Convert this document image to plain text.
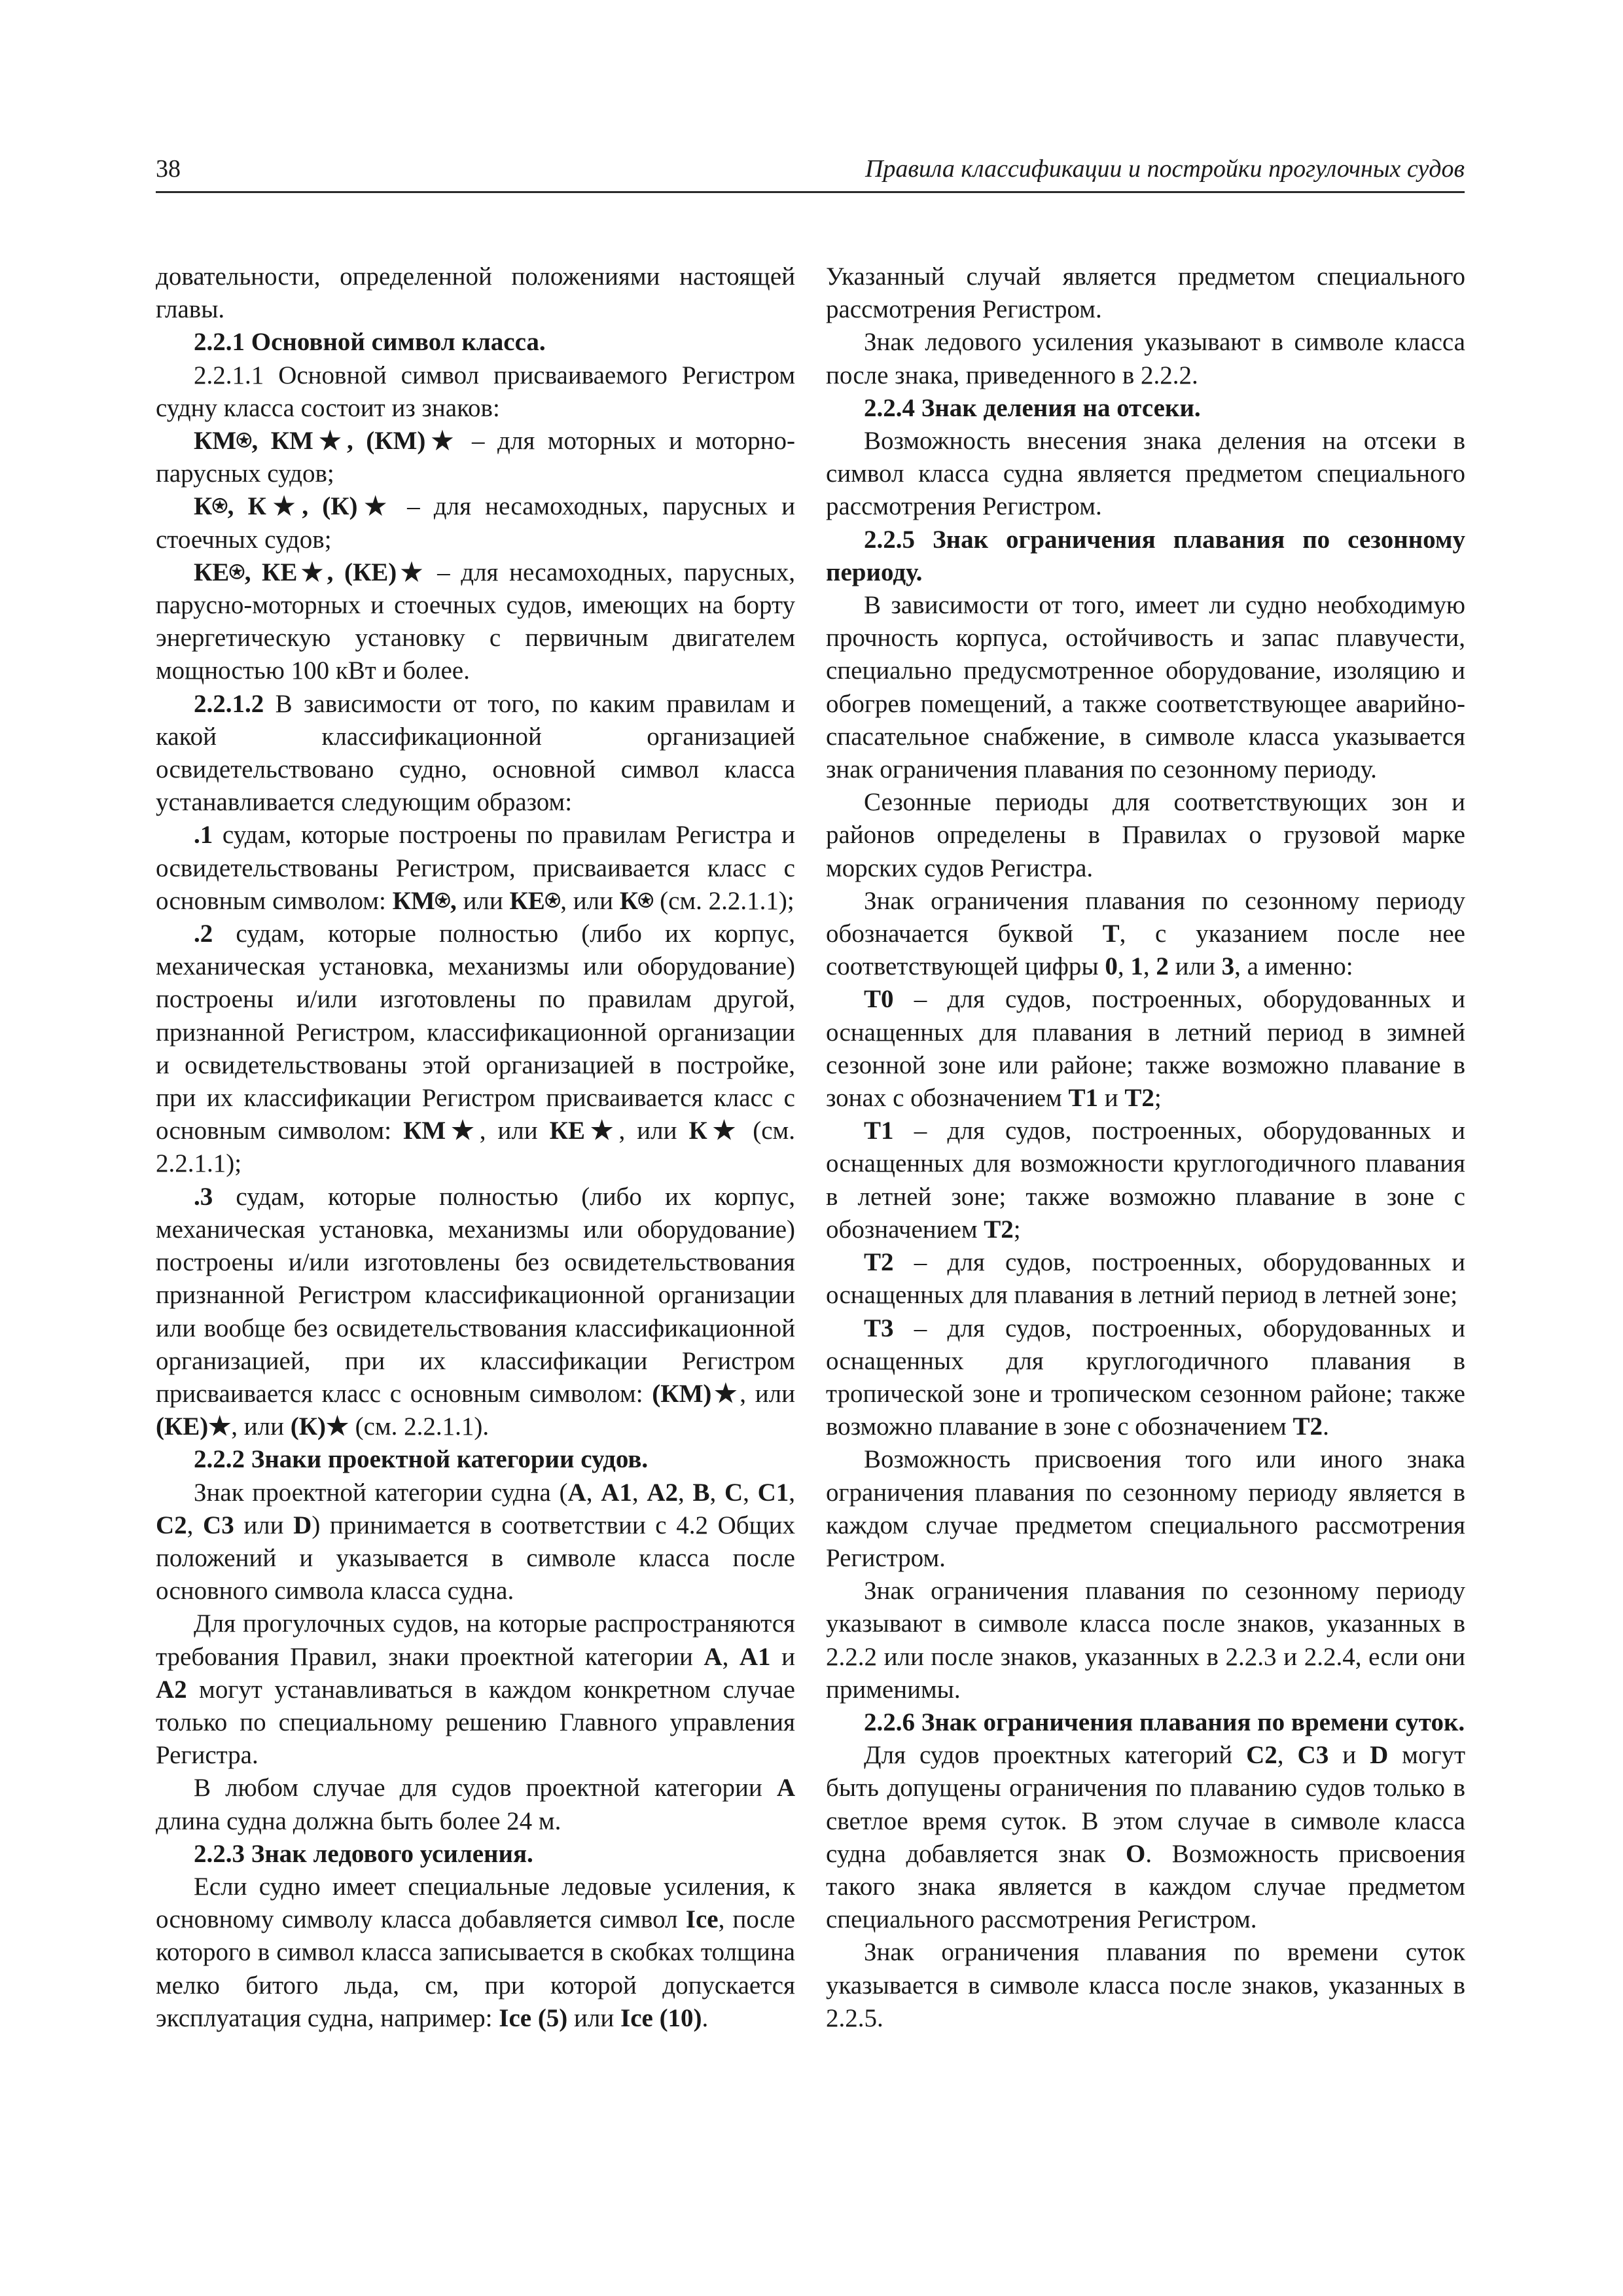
38	Правила классификации и постройки прогулочных судов

довательности, определенной положениями настоящей главы.

2.2.1 Основной символ класса.

2.2.1.1 Основной символ присваиваемого Регистром судну класса состоит из знаков:

КМ⍟, КМ★, (КМ)★ – для моторных и моторно-парусных судов;

К⍟, К★, (К)★ – для несамоходных, парусных и стоечных судов;

КЕ⍟, КЕ★, (КЕ)★ – для несамоходных, парусных, парусно-моторных и стоечных судов, имеющих на борту энергетическую установку с первичным двигателем мощностью 100 кВт и более.

2.2.1.2 В зависимости от того, по каким правилам и какой классификационной организацией освидетельствовано судно, основной символ класса устанавливается следующим образом:

.1 судам, которые построены по правилам Регистра и освидетельствованы Регистром, присваивается класс с основным символом: КМ⍟, или КЕ⍟, или К⍟ (см. 2.2.1.1);

.2 судам, которые полностью (либо их корпус, механическая установка, механизмы или оборудование) построены и/или изготовлены по правилам другой, признанной Регистром, классификационной организации и освидетельствованы этой организацией в постройке, при их классификации Регистром присваивается класс с основным символом: КМ★, или КЕ★, или К★ (см. 2.2.1.1);

.3 судам, которые полностью (либо их корпус, механическая установка, механизмы или оборудование) построены и/или изготовлены без освидетельствования признанной Регистром классификационной организации или вообще без освидетельствования классификационной организацией, при их классификации Регистром присваивается класс с основным символом: (КМ)★, или (КЕ)★, или (К)★ (см. 2.2.1.1).

2.2.2 Знаки проектной категории судов.

Знак проектной категории судна (А, А1, А2, В, С, С1, С2, С3 или D) принимается в соответствии с 4.2 Общих положений и указывается в символе класса после основного символа класса судна.

Для прогулочных судов, на которые распространяются требования Правил, знаки проектной категории А, А1 и А2 могут устанавливаться в каждом конкретном случае только по специальному решению Главного управления Регистра.

В любом случае для судов проектной категории А длина судна должна быть более 24 м.

2.2.3 Знак ледового усиления.

Если судно имеет специальные ледовые усиления, к основному символу класса добавляется символ Ice, после которого в символ класса записывается в скобках толщина мелко битого льда, см, при которой допускается эксплуатация судна, например: Ice (5) или Ice (10).

Указанный случай является предметом специального рассмотрения Регистром.

Знак ледового усиления указывают в символе класса после знака, приведенного в 2.2.2.

2.2.4 Знак деления на отсеки.

Возможность внесения знака деления на отсеки в символ класса судна является предметом специального рассмотрения Регистром.

2.2.5 Знак ограничения плавания по сезонному периоду.

В зависимости от того, имеет ли судно необходимую прочность корпуса, остойчивость и запас плавучести, специально предусмотренное оборудование, изоляцию и обогрев помещений, а также соответствующее аварийно-спасательное снабжение, в символе класса указывается знак ограничения плавания по сезонному периоду.

Сезонные периоды для соответствующих зон и районов определены в Правилах о грузовой марке морских судов Регистра.

Знак ограничения плавания по сезонному периоду обозначается буквой Т, с указанием после нее соответствующей цифры 0, 1, 2 или 3, а именно:

Т0 – для судов, построенных, оборудованных и оснащенных для плавания в летний период в зимней сезонной зоне или районе; также возможно плавание в зонах с обозначением Т1 и Т2;

Т1 – для судов, построенных, оборудованных и оснащенных для возможности круглогодичного плавания в летней зоне; также возможно плавание в зоне с обозначением Т2;

Т2 – для судов, построенных, оборудованных и оснащенных для плавания в летний период в летней зоне;

Т3 – для судов, построенных, оборудованных и оснащенных для круглогодичного плавания в тропической зоне и тропическом сезонном районе; также возможно плавание в зоне с обозначением Т2.

Возможность присвоения того или иного знака ограничения плавания по сезонному периоду является в каждом случае предметом специального рассмотрения Регистром.

Знак ограничения плавания по сезонному периоду указывают в символе класса после знаков, указанных в 2.2.2 или после знаков, указанных в 2.2.3 и 2.2.4, если они применимы.

2.2.6 Знак ограничения плавания по времени суток.

Для судов проектных категорий С2, С3 и D могут быть допущены ограничения по плаванию судов только в светлое время суток. В этом случае в символе класса судна добавляется знак О. Возможность присвоения такого знака является в каждом случае предметом специального рассмотрения Регистром.

Знак ограничения плавания по времени суток указывается в символе класса после знаков, указанных в 2.2.5.
